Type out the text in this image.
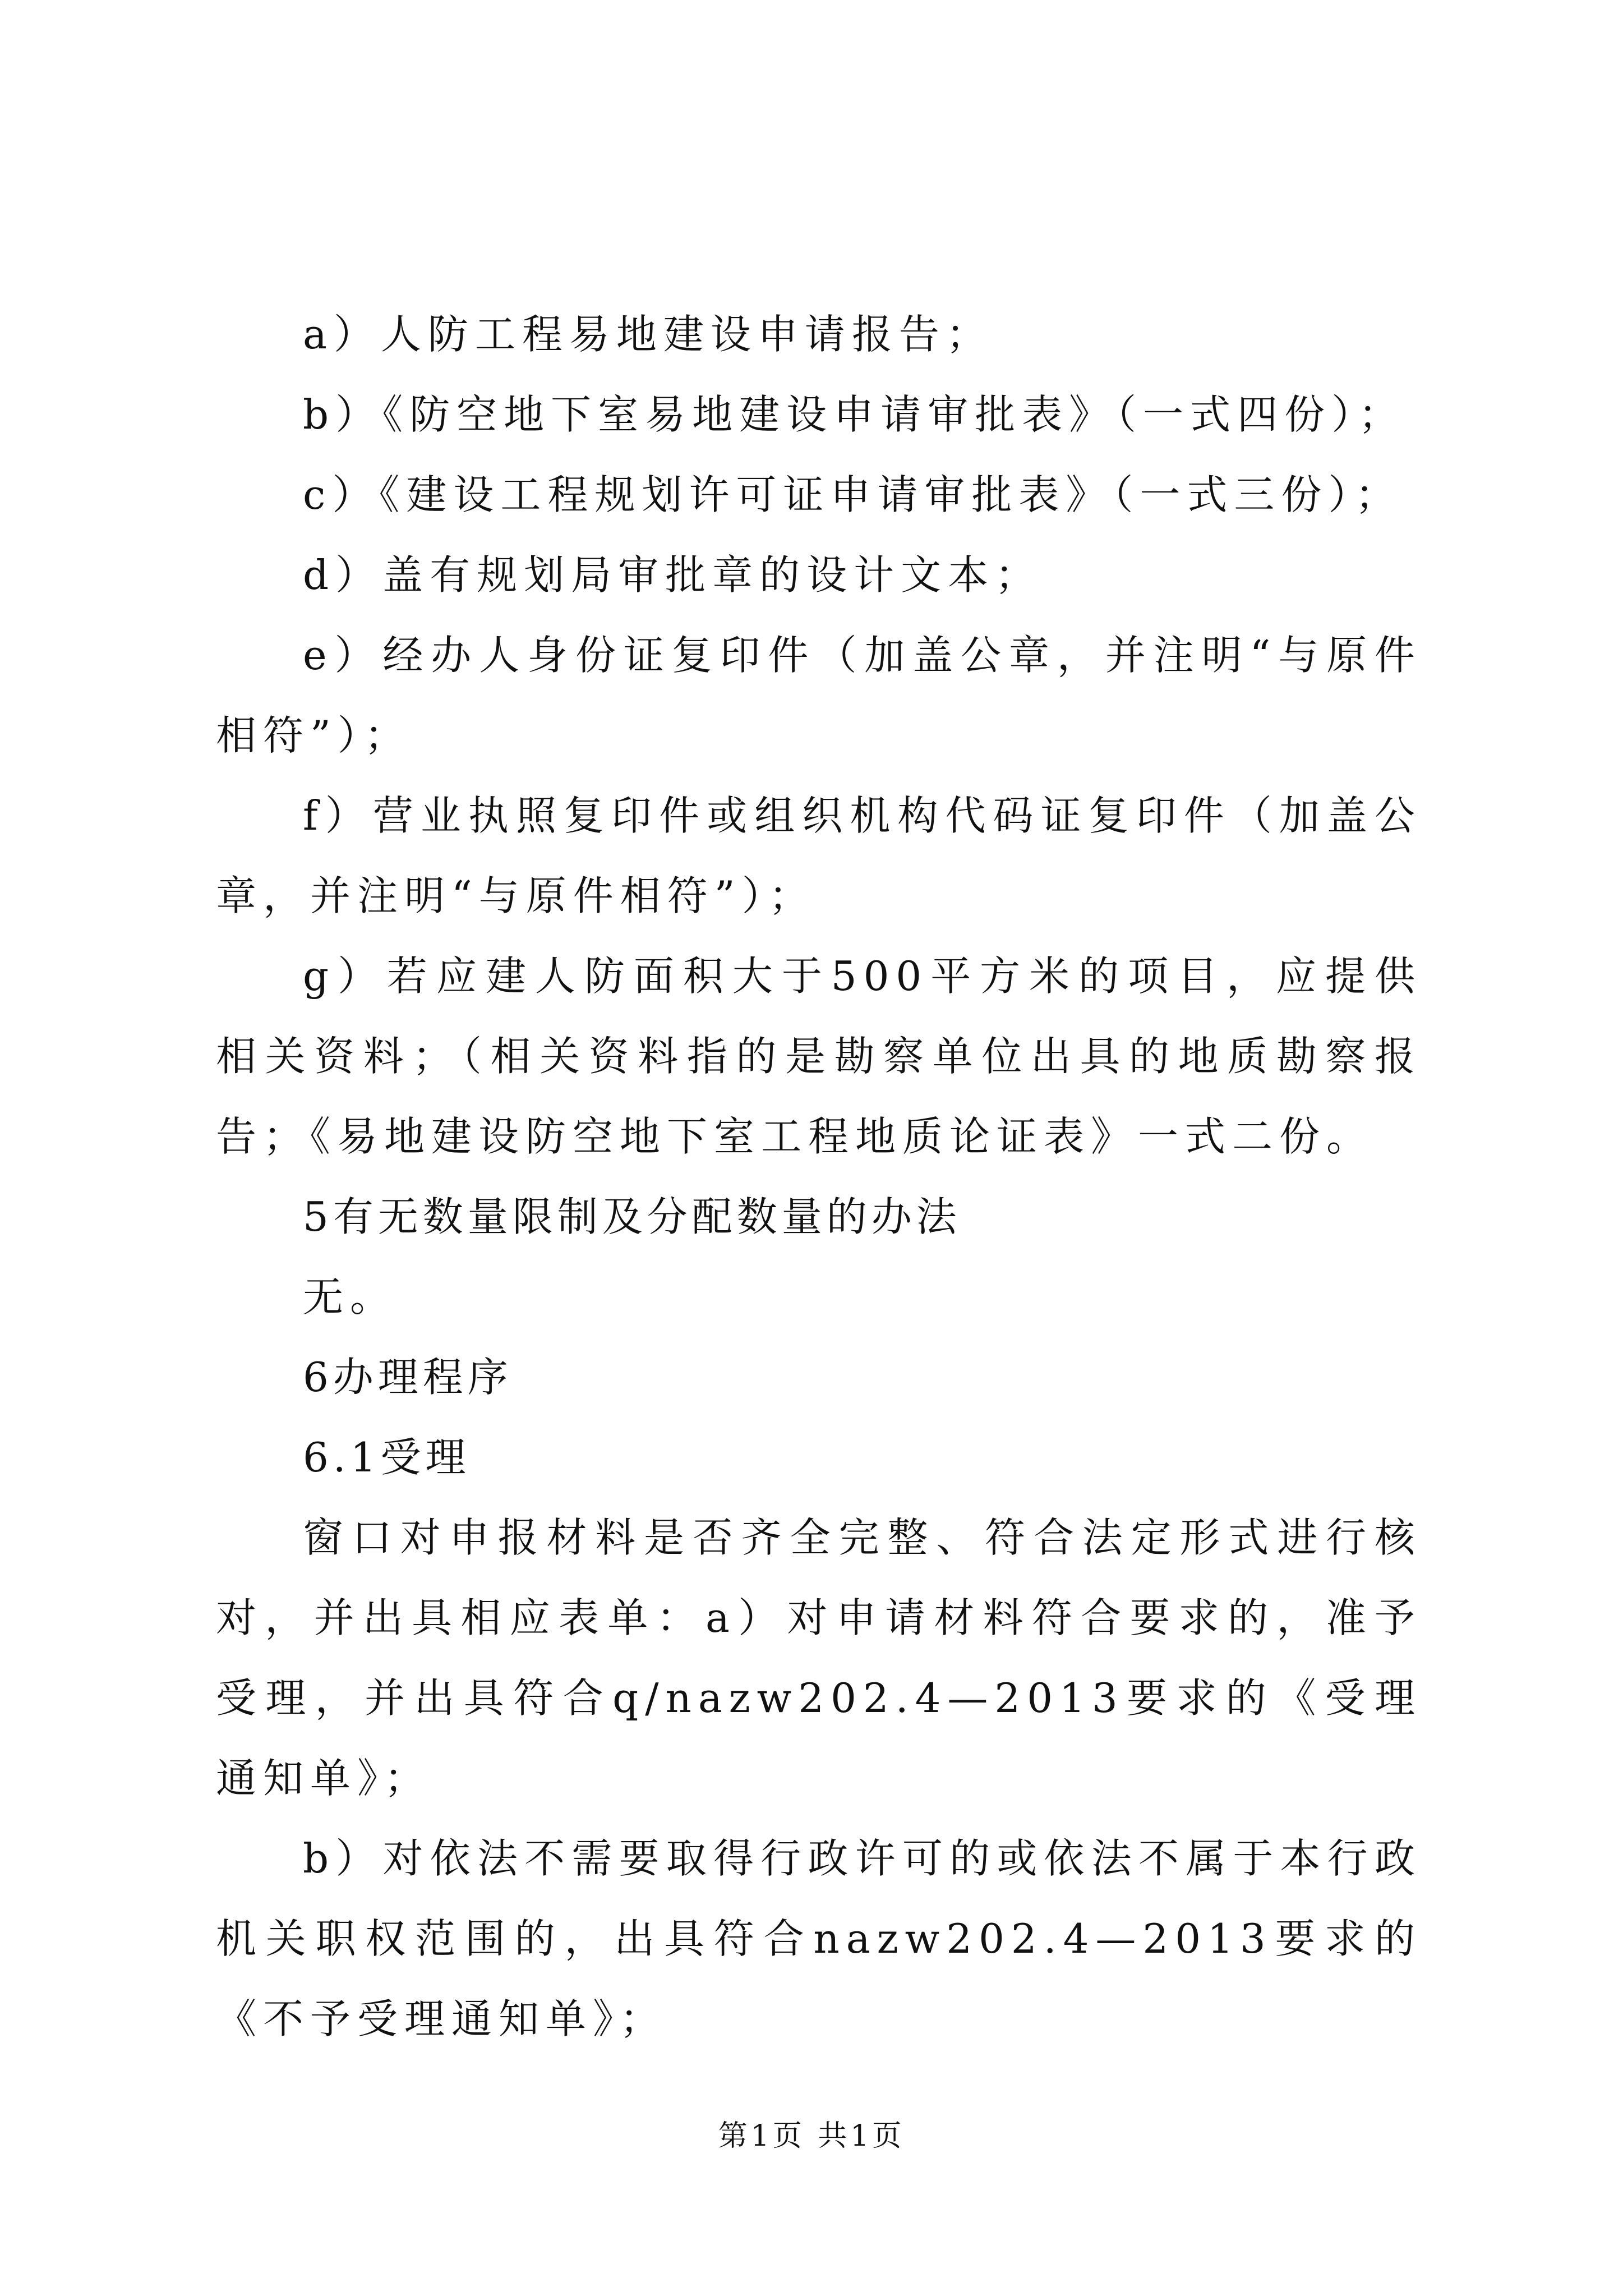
a）人防工程易地建设申请报告；

b）《防空地下室易地建设申请审批表》（一式四份）；

c）《建设工程规划许可证申请审批表》（一式三份）；

d）盖有规划局审批章的设计文本；

e）经办人身份证复印件（加盖公章，并注明“与原件相符”）；

f）营业执照复印件或组织机构代码证复印件（加盖公章，并注明“与原件相符”）；

g）若应建人防面积大于500平方米的项目，应提供相关资料；（相关资料指的是勘察单位出具的地质勘察报告；《易地建设防空地下室工程地质论证表》一式二份。

5有无数量限制及分配数量的办法

无。

6办理程序

6.1受理

窗口对申报材料是否齐全完整、符合法定形式进行核对，并出具相应表单：a）对申请材料符合要求的，准予受理，并出具符合q/nazw202.4—2013要求的《受理通知单》；

b）对依法不需要取得行政许可的或依法不属于本行政机关职权范围的，出具符合nazw202.4—2013要求的《不予受理通知单》；

第1页 共1页
